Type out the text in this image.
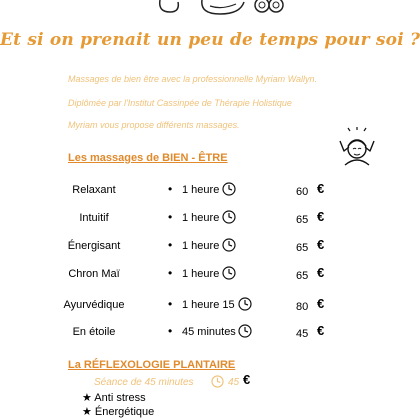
Et si on prenait un peu de temps pour soi ?
Massages de bien être avec la professionnelle Myriam Wallyn.
Diplômée par l'Institut Cassinpée de Thérapie Holistique
Myriam vous propose différents massages.
Les massages de BIEN - ÊTRE
Relaxant	• 1 heure	60 €
Intuitif	• 1 heure	65 €
Énergisant	• 1 heure	65 €
Chron Maï	• 1 heure	65 €
Ayurvédique	• 1 heure 15	80 €
En étoile	• 45 minutes	45 €
La RÉFLEXOLOGIE PLANTAIRE
Séance de 45 minutes	45 €
★ Anti stress
★ Énergétique
